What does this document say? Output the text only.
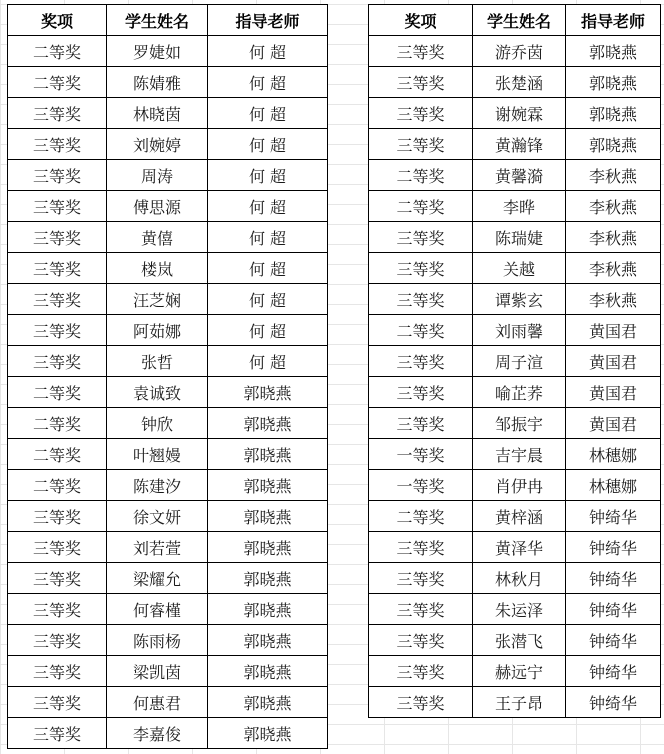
奖项	学生姓名	指导老师
二等奖	罗婕如	何 超
二等奖	陈婧雅	何 超
三等奖	林晓茵	何 超
三等奖	刘婉婷	何 超
三等奖	周涛	何 超
三等奖	傅思源	何 超
三等奖	黄僖	何 超
三等奖	楼岚	何 超
三等奖	汪芝娴	何 超
三等奖	阿茹娜	何 超
三等奖	张哲	何 超
二等奖	袁诚致	郭晓燕
二等奖	钟欣	郭晓燕
二等奖	叶翘嫚	郭晓燕
二等奖	陈建汐	郭晓燕
三等奖	徐文妍	郭晓燕
三等奖	刘若萱	郭晓燕
三等奖	梁耀允	郭晓燕
三等奖	何睿槿	郭晓燕
三等奖	陈雨杨	郭晓燕
三等奖	梁凯茵	郭晓燕
三等奖	何惠君	郭晓燕
三等奖	李嘉俊	郭晓燕
奖项	学生姓名	指导老师
三等奖	游乔茵	郭晓燕
三等奖	张楚涵	郭晓燕
三等奖	谢婉霖	郭晓燕
三等奖	黄瀚锋	郭晓燕
二等奖	黄馨漪	李秋燕
二等奖	李晔	李秋燕
三等奖	陈瑞婕	李秋燕
三等奖	关越	李秋燕
三等奖	谭紫玄	李秋燕
二等奖	刘雨馨	黄国君
三等奖	周子渲	黄国君
三等奖	喻芷荞	黄国君
三等奖	邹振宇	黄国君
一等奖	吉宇晨	林穗娜
一等奖	肖伊冉	林穗娜
二等奖	黄梓涵	钟绮华
三等奖	黄泽华	钟绮华
三等奖	林秋月	钟绮华
三等奖	朱运泽	钟绮华
三等奖	张潜飞	钟绮华
三等奖	赫远宁	钟绮华
三等奖	王子昂	钟绮华
